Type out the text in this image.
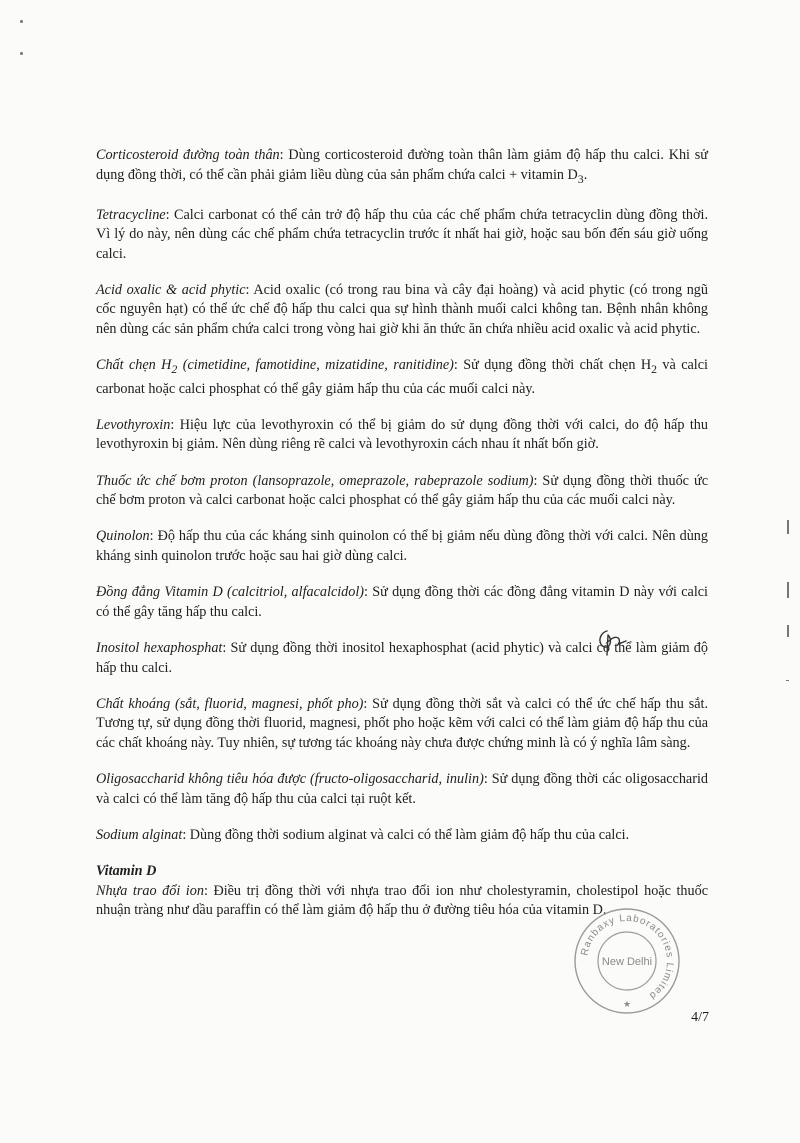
Corticosteroid đường toàn thân: Dùng corticosteroid đường toàn thân làm giảm độ hấp thu calci. Khi sử dụng đồng thời, có thể cần phải giảm liều dùng của sản phẩm chứa calci + vitamin $D_3$.

Tetracycline: Calci carbonat có thể cản trở độ hấp thu của các chế phẩm chứa tetracyclin dùng đồng thời. Vì lý do này, nên dùng các chế phẩm chứa tetracyclin trước ít nhất hai giờ, hoặc sau bốn đến sáu giờ uống calci.

Acid oxalic & acid phytic: Acid oxalic (có trong rau bina và cây đại hoàng) và acid phytic (có trong ngũ cốc nguyên hạt) có thể ức chế độ hấp thu calci qua sự hình thành muối calci không tan. Bệnh nhân không nên dùng các sản phẩm chứa calci trong vòng hai giờ khi ăn thức ăn chứa nhiều acid oxalic và acid phytic.

Chất chẹn $H_2$ (cimetidine, famotidine, mizatidine, ranitidine): Sử dụng đồng thời chất chẹn $H_2$ và calci carbonat hoặc calci phosphat có thể gây giảm hấp thu của các muối calci này.

Levothyroxin: Hiệu lực của levothyroxin có thể bị giảm do sử dụng đồng thời với calci, do độ hấp thu levothyroxin bị giảm. Nên dùng riêng rẽ calci và levothyroxin cách nhau ít nhất bốn giờ.

Thuốc ức chế bơm proton (lansoprazole, omeprazole, rabeprazole sodium): Sử dụng đồng thời thuốc ức chế bơm proton và calci carbonat hoặc calci phosphat có thể gây giảm hấp thu của các muối calci này.

Quinolon: Độ hấp thu của các kháng sinh quinolon có thể bị giảm nếu dùng đồng thời với calci. Nên dùng kháng sinh quinolon trước hoặc sau hai giờ dùng calci.

Đồng đẳng Vitamin D (calcitriol, alfacalcidol): Sử dụng đồng thời các đồng đẳng vitamin D này với calci có thể gây tăng hấp thu calci.

Inositol hexaphosphat: Sử dụng đồng thời inositol hexaphosphat (acid phytic) và calci có thể làm giảm độ hấp thu calci.

Chất khoáng (sắt, fluorid, magnesi, phốt pho): Sử dụng đồng thời sắt và calci có thể ức chế hấp thu sắt. Tương tự, sử dụng đồng thời fluorid, magnesi, phốt pho hoặc kẽm với calci có thể làm giảm độ hấp thu của các chất khoáng này. Tuy nhiên, sự tương tác khoáng này chưa được chứng minh là có ý nghĩa lâm sàng.

Oligosaccharid không tiêu hóa được (fructo-oligosaccharid, inulin): Sử dụng đồng thời các oligosaccharid và calci có thể làm tăng độ hấp thu của calci tại ruột kết.

Sodium alginat: Dùng đồng thời sodium alginat và calci có thể làm giảm độ hấp thu của calci.

Vitamin D

Nhựa trao đổi ion: Điều trị đồng thời với nhựa trao đổi ion như cholestyramin, cholestipol hoặc thuốc nhuận tràng như dầu paraffin có thể làm giảm độ hấp thu ở đường tiêu hóa của vitamin D.

Ranbaxy Laboratories Limited
New Delhi
★
4/7
